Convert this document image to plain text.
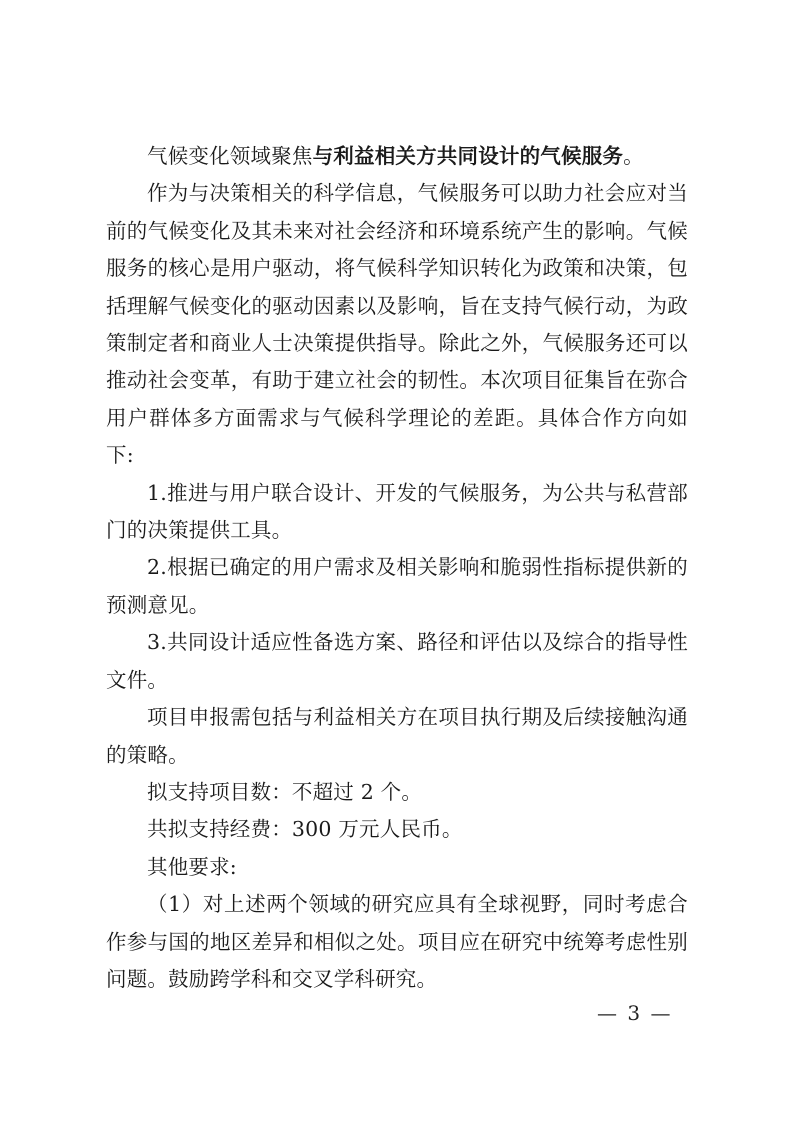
气候变化领域聚焦与利益相关方共同设计的气候服务。

作为与决策相关的科学信息，气候服务可以助力社会应对当前的气候变化及其未来对社会经济和环境系统产生的影响。气候服务的核心是用户驱动，将气候科学知识转化为政策和决策，包括理解气候变化的驱动因素以及影响，旨在支持气候行动，为政策制定者和商业人士决策提供指导。除此之外，气候服务还可以推动社会变革，有助于建立社会的韧性。本次项目征集旨在弥合用户群体多方面需求与气候科学理论的差距。具体合作方向如下:

1.推进与用户联合设计、开发的气候服务，为公共与私营部门的决策提供工具。

2.根据已确定的用户需求及相关影响和脆弱性指标提供新的预测意见。

3.共同设计适应性备选方案、路径和评估以及综合的指导性文件。

项目申报需包括与利益相关方在项目执行期及后续接触沟通的策略。

拟支持项目数：不超过 2 个。

共拟支持经费：300 万元人民币。

其他要求:

（1）对上述两个领域的研究应具有全球视野，同时考虑合作参与国的地区差异和相似之处。项目应在研究中统筹考虑性别问题。鼓励跨学科和交叉学科研究。

— 3 —
